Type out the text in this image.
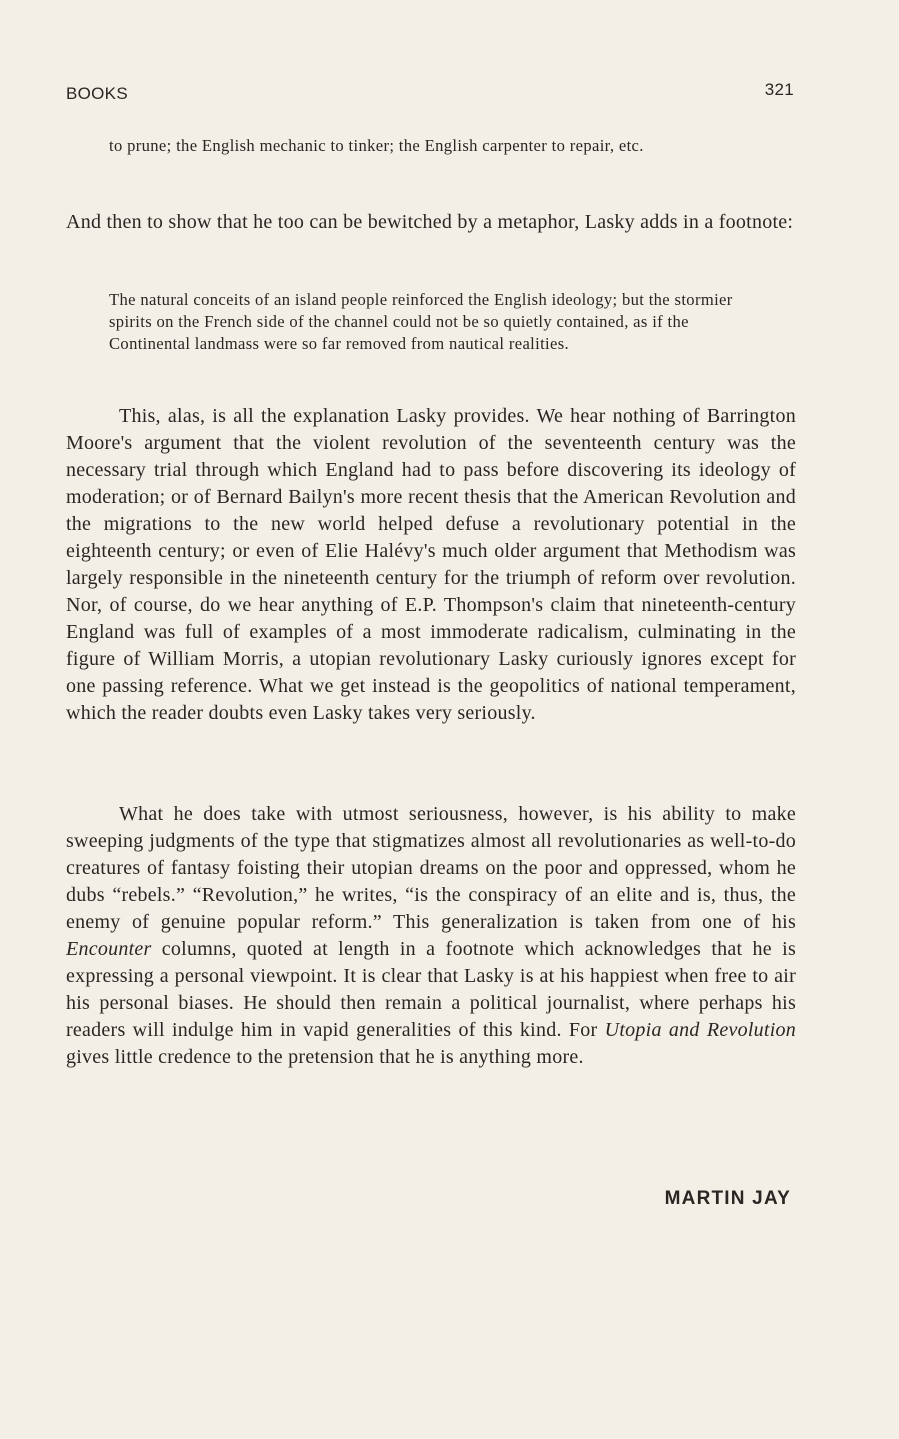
BOOKS	321

to prune; the English mechanic to tinker; the English carpenter to repair, etc.

And then to show that he too can be bewitched by a metaphor, Lasky adds in a footnote:

The natural conceits of an island people reinforced the English ideology; but the stormier spirits on the French side of the channel could not be so quietly contained, as if the Continental landmass were so far removed from nautical realities.

This, alas, is all the explanation Lasky provides. We hear nothing of Barrington Moore's argument that the violent revolution of the seventeenth century was the necessary trial through which England had to pass before discovering its ideology of moderation; or of Bernard Bailyn's more recent thesis that the American Revolution and the migrations to the new world helped defuse a revolutionary potential in the eighteenth century; or even of Elie Halévy's much older argument that Methodism was largely responsible in the nineteenth century for the triumph of reform over revolution. Nor, of course, do we hear anything of E.P. Thompson's claim that nineteenth-century England was full of examples of a most immoderate radicalism, culminating in the figure of William Morris, a utopian revolutionary Lasky curiously ignores except for one passing reference. What we get instead is the geopolitics of national temperament, which the reader doubts even Lasky takes very seriously.

What he does take with utmost seriousness, however, is his ability to make sweeping judgments of the type that stigmatizes almost all revolutionaries as well-to-do creatures of fantasy foisting their utopian dreams on the poor and oppressed, whom he dubs “rebels.” “Revolution,” he writes, “is the conspiracy of an elite and is, thus, the enemy of genuine popular reform.” This generalization is taken from one of his Encounter columns, quoted at length in a footnote which acknowledges that he is expressing a personal viewpoint. It is clear that Lasky is at his happiest when free to air his personal biases. He should then remain a political journalist, where perhaps his readers will indulge him in vapid generalities of this kind. For Utopia and Revolution gives little credence to the pretension that he is anything more.

MARTIN JAY
